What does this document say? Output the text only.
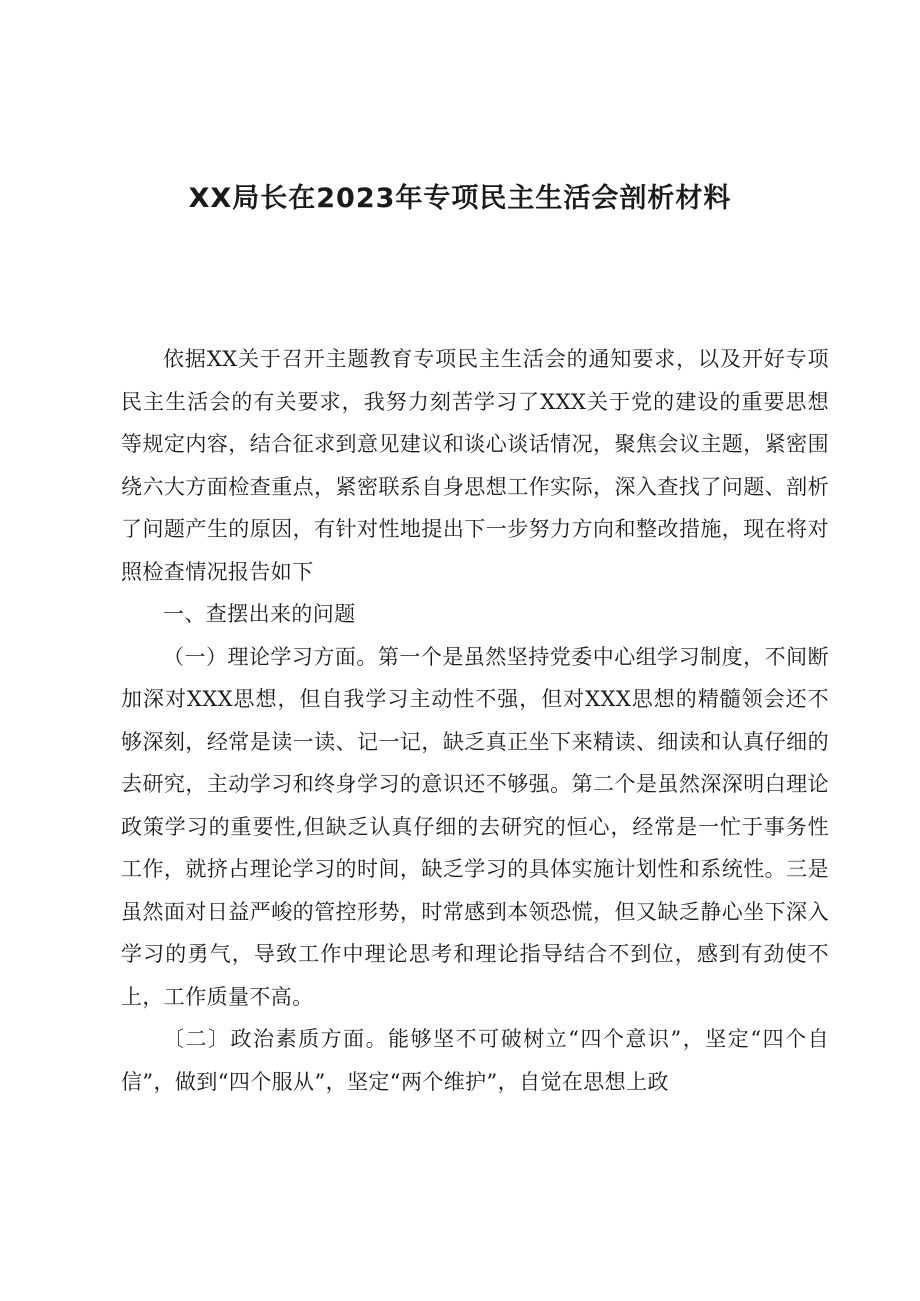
XX局长在2023年专项民主生活会剖析材料

依据XX关于召开主题教育专项民主生活会的通知要求，以及开好专项民主生活会的有关要求，我努力刻苦学习了XXX关于党的建设的重要思想等规定内容，结合征求到意见建议和谈心谈话情况，聚焦会议主题，紧密围绕六大方面检查重点，紧密联系自身思想工作实际，深入查找了问题、剖析了问题产生的原因，有针对性地提出下一步努力方向和整改措施，现在将对照检查情况报告如下

一、查摆出来的问题

（一）理论学习方面。第一个是虽然坚持党委中心组学习制度，不间断加深对XXX思想，但自我学习主动性不强，但对XXX思想的精髓领会还不够深刻，经常是读一读、记一记，缺乏真正坐下来精读、细读和认真仔细的去研究，主动学习和终身学习的意识还不够强。第二个是虽然深深明白理论政策学习的重要性,但缺乏认真仔细的去研究的恒心，经常是一忙于事务性工作，就挤占理论学习的时间，缺乏学习的具体实施计划性和系统性。三是虽然面对日益严峻的管控形势，时常感到本领恐慌，但又缺乏静心坐下深入学习的勇气，导致工作中理论思考和理论指导结合不到位，感到有劲使不上，工作质量不高。

〔二〕政治素质方面。能够坚不可破树立“四个意识”，坚定“四个自信”，做到“四个服从”，坚定“两个维护”，自觉在思想上政
